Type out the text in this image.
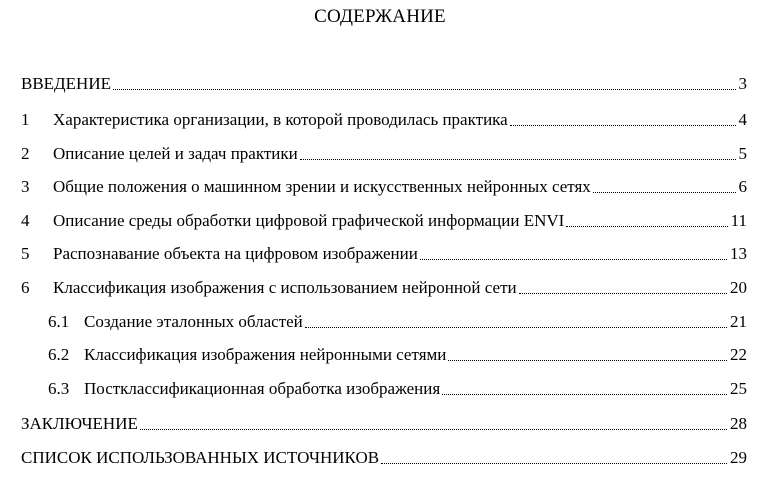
СОДЕРЖАНИЕ
ВВЕДЕНИЕ	3
1	Характеристика организации, в которой проводилась практика	4
2	Описание целей и задач практики	5
3	Общие положения о машинном зрении и искусственных нейронных сетях	6
4	Описание среды обработки цифровой графической информации ENVI	11
5	Распознавание объекта на цифровом изображении	13
6	Классификация изображения с использованием нейронной сети	20
6.1 Создание эталонных областей	21
6.2 Классификация изображения нейронными сетями	22
6.3 Постклассификационная обработка изображения	25
ЗАКЛЮЧЕНИЕ	28
СПИСОК ИСПОЛЬЗОВАННЫХ ИСТОЧНИКОВ	29
